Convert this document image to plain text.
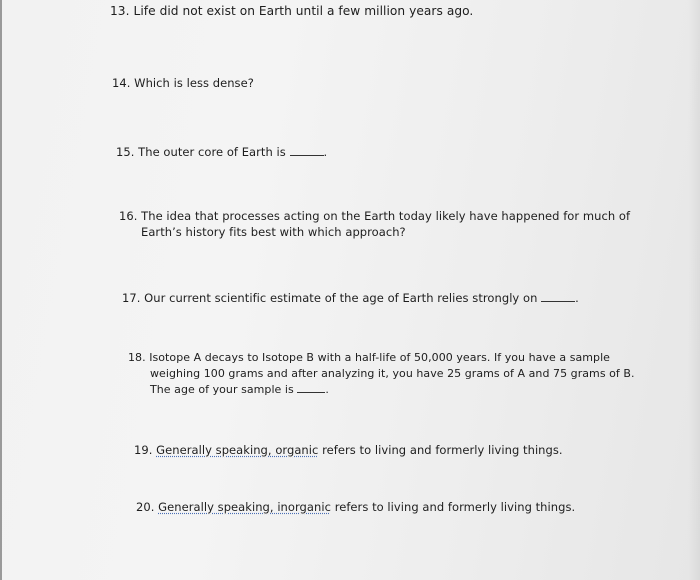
13. Life did not exist on Earth until a few million years ago.
14. Which is less dense?
15. The outer core of Earth is	.
16. The idea that processes acting on the Earth today likely have happened for much of
Earth’s history fits best with which approach?
17. Our current scientific estimate of the age of Earth relies strongly on	.
18. Isotope A decays to Isotope B with a half-life of 50,000 years. If you have a sample
weighing 100 grams and after analyzing it, you have 25 grams of A and 75 grams of B.
The age of your sample is	.
19. Generally speaking, organic refers to living and formerly living things.
20. Generally speaking, inorganic refers to living and formerly living things.
